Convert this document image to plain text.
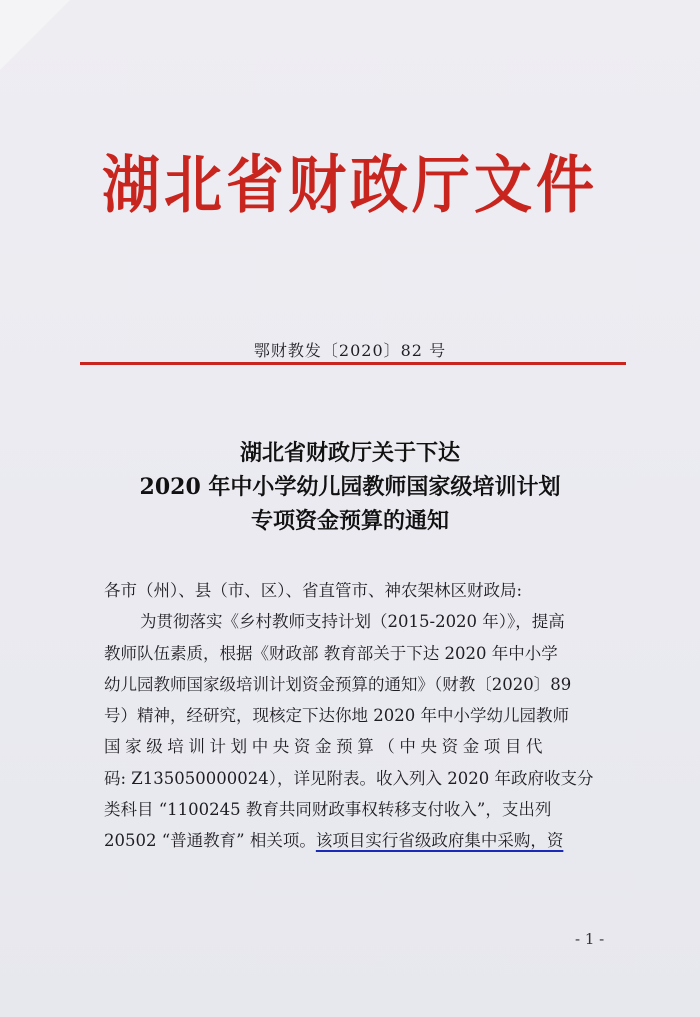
湖北省财政厅文件
鄂财教发〔2020〕82 号
湖北省财政厅关于下达
2020 年中小学幼儿园教师国家级培训计划
专项资金预算的通知

各市（州）、县（市、区）、省直管市、神农架林区财政局:

为贯彻落实《乡村教师支持计划（2015-2020 年）》，提高

教师队伍素质，根据《财政部 教育部关于下达 2020 年中小学

幼儿园教师国家级培训计划资金预算的通知》（财教〔2020〕89

号）精神，经研究，现核定下达你地 2020 年中小学幼儿园教师

国家级培训计划中央资金预算（中央资金项目代

码: Z135050000024），详见附表。收入列入 2020 年政府收支分

类科目 “1100245 教育共同财政事权转移支付收入”，支出列

20502 “普通教育” 相关项。该项目实行省级政府集中采购，资

- 1 -
